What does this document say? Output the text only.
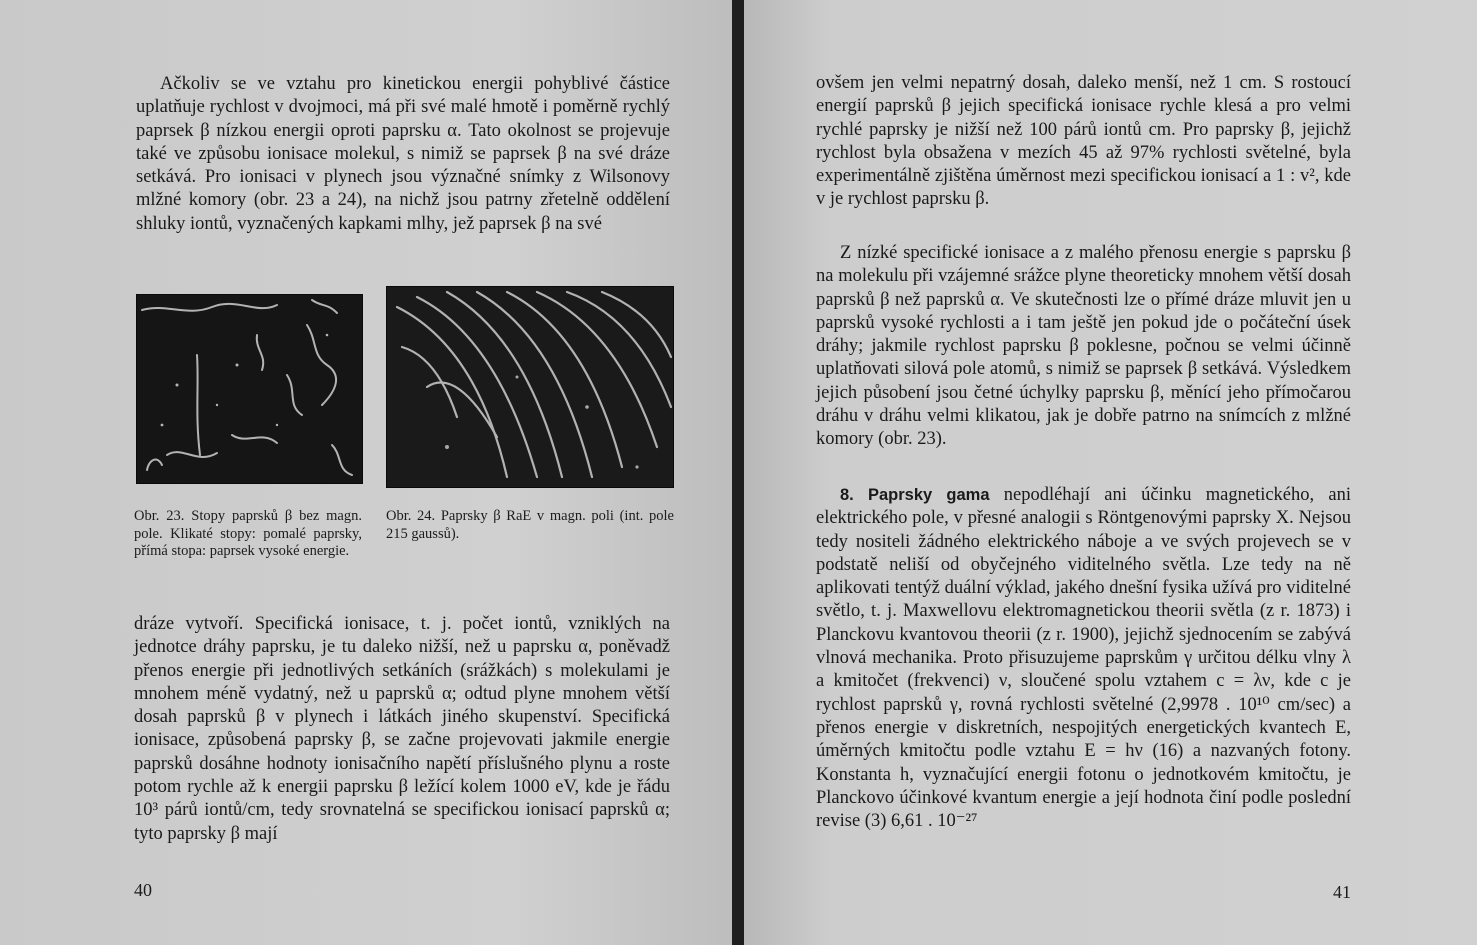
Ačkoliv se ve vztahu pro kinetickou energii pohyblivé částice uplatňuje rychlost v dvojmoci, má při své malé hmotě i poměrně rychlý paprsek β nízkou energii oproti paprsku α. Tato okolnost se projevuje také ve způsobu ionisace molekul, s nimiž se paprsek β na své dráze setkává. Pro ionisaci v plynech jsou význačné snímky z Wilsonovy mlžné komory (obr. 23 a 24), na nichž jsou patrny zřetelně oddělení shluky iontů, vyznačených kapkami mlhy, jež paprsek β na své

Obr. 23. Stopy paprsků β bez magn. pole. Klikaté stopy: pomalé paprsky, přímá stopa: paprsek vysoké energie.
Obr. 24. Paprsky β RaE v magn. poli (int. pole 215 gaussů).

dráze vytvoří. Specifická ionisace, t. j. počet iontů, vzniklých na jednotce dráhy paprsku, je tu daleko nižší, než u paprsku α, poněvadž přenos energie při jednotlivých setkáních (srážkách) s molekulami je mnohem méně vydatný, než u paprsků α; odtud plyne mnohem větší dosah paprsků β v plynech i látkách jiného skupenství. Specifická ionisace, způsobená paprsky β, se začne projevovati jakmile energie paprsků dosáhne hodnoty ionisačního napětí příslušného plynu a roste potom rychle až k energii paprsku β ležící kolem 1000 eV, kde je řádu 10³ párů iontů/cm, tedy srovnatelná se specifickou ionisací paprsků α; tyto paprsky β mají

40

ovšem jen velmi nepatrný dosah, daleko menší, než 1 cm. S rostoucí energií paprsků β jejich specifická ionisace rychle klesá a pro velmi rychlé paprsky je nižší než 100 párů iontů cm. Pro paprsky β, jejichž rychlost byla obsažena v mezích 45 až 97% rychlosti světelné, byla experimentálně zjištěna úměrnost mezi specifickou ionisací a 1 : v², kde v je rychlost paprsku β.

Z nízké specifické ionisace a z malého přenosu energie s paprsku β na molekulu při vzájemné srážce plyne theoreticky mnohem větší dosah paprsků β než paprsků α. Ve skutečnosti lze o přímé dráze mluvit jen u paprsků vysoké rychlosti a i tam ještě jen pokud jde o počáteční úsek dráhy; jakmile rychlost paprsku β poklesne, počnou se velmi účinně uplatňovati silová pole atomů, s nimiž se paprsek β setkává. Výsledkem jejich působení jsou četné úchylky paprsku β, měnící jeho přímočarou dráhu v dráhu velmi klikatou, jak je dobře patrno na snímcích z mlžné komory (obr. 23).

8. Paprsky gama nepodléhají ani účinku magnetického, ani elektrického pole, v přesné analogii s Röntgenovými paprsky X. Nejsou tedy nositeli žádného elektrického náboje a ve svých projevech se v podstatě neliší od obyčejného viditelného světla. Lze tedy na ně aplikovati tentýž duální výklad, jakého dnešní fysika užívá pro viditelné světlo, t. j. Maxwellovu elektromagnetickou theorii světla (z r. 1873) i Planckovu kvantovou theorii (z r. 1900), jejichž sjednocením se zabývá vlnová mechanika. Proto přisuzujeme paprskům γ určitou délku vlny λ a kmitočet (frekvenci) ν, sloučené spolu vztahem c = λν, kde c je rychlost paprsků γ, rovná rychlosti světelné (2,9978 . 10¹⁰ cm/sec) a přenos energie v diskretních, nespojitých energetických kvantech E, úměrných kmitočtu podle vztahu E = hν (16) a nazvaných fotony. Konstanta h, vyznačující energii fotonu o jednotkovém kmitočtu, je Planckovo účinkové kvantum energie a její hodnota činí podle poslední revise (3) 6,61 . 10⁻²⁷

41
